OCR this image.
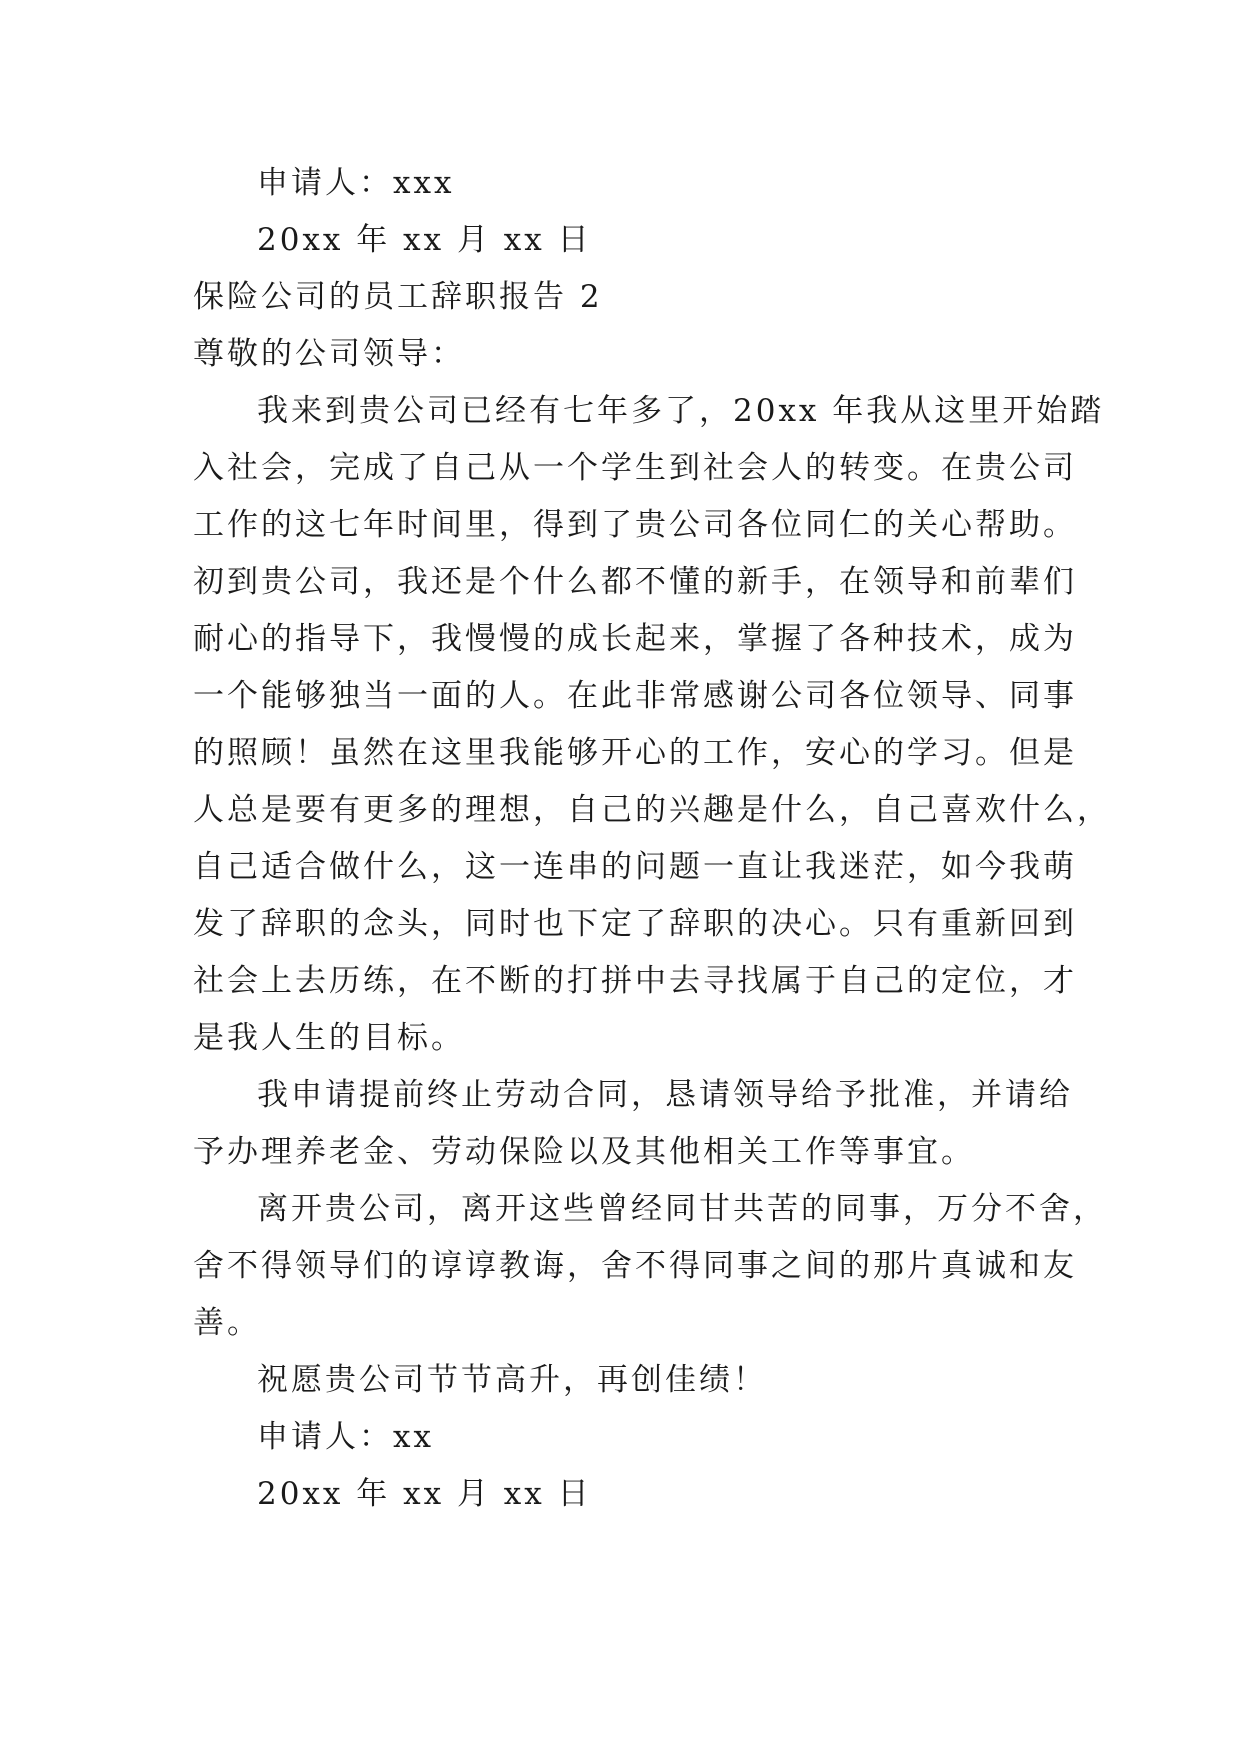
申请人：xxx
20xx 年 xx 月 xx 日
保险公司的员工辞职报告 2
尊敬的公司领导：
我来到贵公司已经有七年多了，20xx 年我从这里开始踏
入社会，完成了自己从一个学生到社会人的转变。在贵公司
工作的这七年时间里，得到了贵公司各位同仁的关心帮助。
初到贵公司，我还是个什么都不懂的新手，在领导和前辈们
耐心的指导下，我慢慢的成长起来，掌握了各种技术，成为
一个能够独当一面的人。在此非常感谢公司各位领导、同事
的照顾！虽然在这里我能够开心的工作，安心的学习。但是
人总是要有更多的理想，自己的兴趣是什么，自己喜欢什么，
自己适合做什么，这一连串的问题一直让我迷茫，如今我萌
发了辞职的念头，同时也下定了辞职的决心。只有重新回到
社会上去历练，在不断的打拼中去寻找属于自己的定位，才
是我人生的目标。
我申请提前终止劳动合同，恳请领导给予批准，并请给
予办理养老金、劳动保险以及其他相关工作等事宜。
离开贵公司，离开这些曾经同甘共苦的同事，万分不舍，
舍不得领导们的谆谆教诲，舍不得同事之间的那片真诚和友
善。
祝愿贵公司节节高升，再创佳绩！
申请人：xx
20xx 年 xx 月 xx 日
